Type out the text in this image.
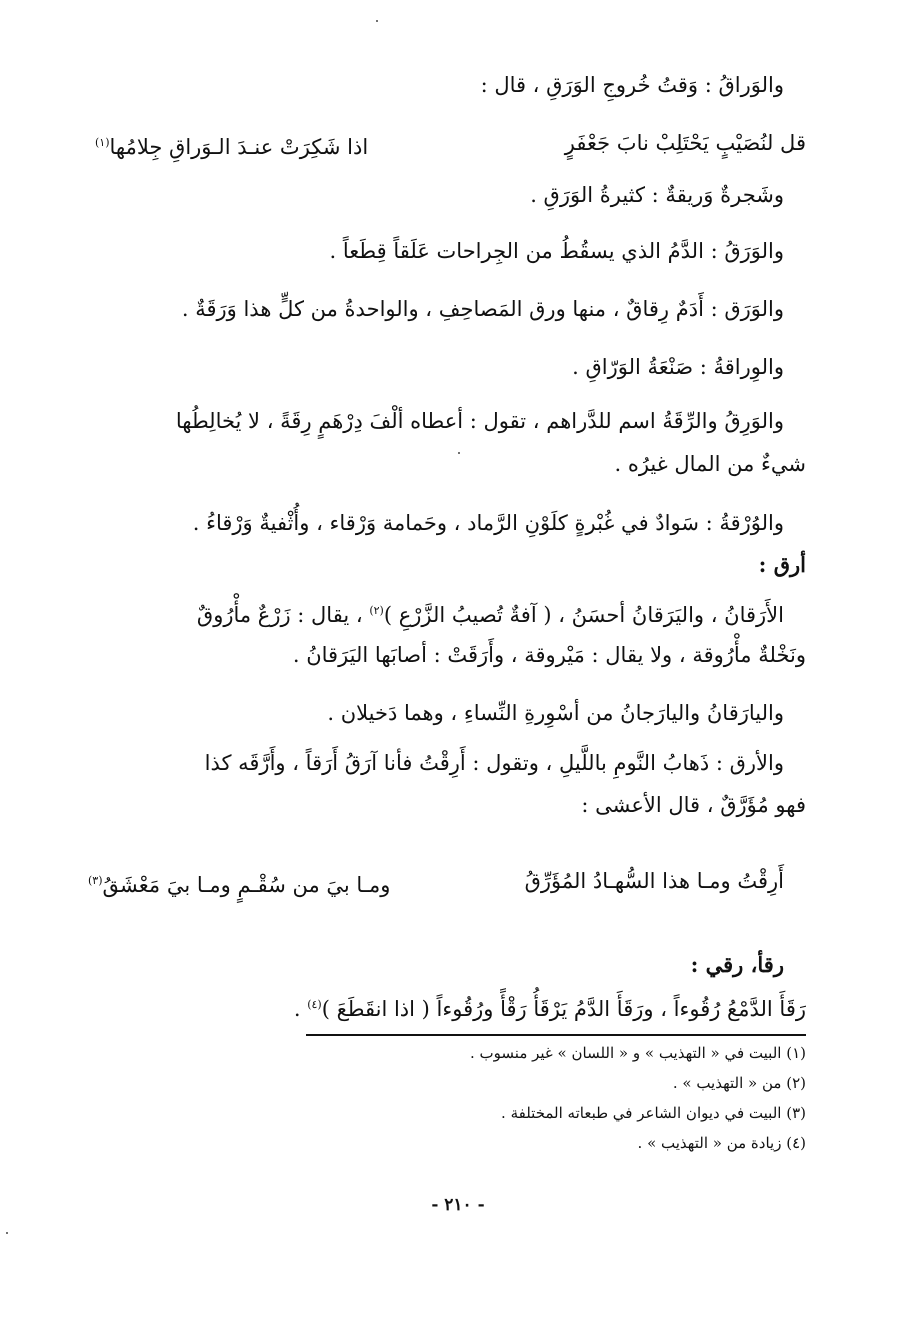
والوَراقُ : وَقتُ خُروجِ الوَرَقِ ، قال :
قل لنُصَيْبٍ يَحْتَلِبْ نابَ جَعْفَرٍ
اذا شَكِرَتْ عنـدَ الـوَراقِ جِلامُها$^{(١)}$
وشَجرةٌ وَريقةٌ : كثيرةُ الوَرَقِ .
والوَرَقُ : الدَّمُ الذي يسقُطُ من الجِراحات عَلَقاً قِطَعاً .
والوَرَق : أَدَمٌ رِقاقٌ ، منها ورق المَصاحِفِ ، والواحدةُ من كلٍّ هذا وَرَقَةٌ .
والوِراقةُ : صَنْعَةُ الوَرّاقِ .
والوَرِقُ والرِّقَةُ اسم للدَّراهم ، تقول : أعطاه ألْفَ دِرْهَمٍ رِقَةً ، لا يُخالِطُها
شيءٌ من المال غيرُه .
والوُرْقةُ : سَوادٌ في غُبْرةٍ كلَوْنِ الرَّماد ، وحَمامة وَرْقاء ، وأُثْفيةٌ وَرْقاءُ .
أرق :
الأَرَقانُ ، واليَرَقانُ أحسَنُ ، ( آفةٌ تُصيبُ الزَّرْعِ )$^{(٢)}$ ، يقال : زَرْعٌ مأْرُوقٌ
ونَخْلةٌ مأْرُوقة ، ولا يقال : مَيْروقة ، وأَرَقَتْ : أصابَها اليَرَقانُ .
واليارَقانُ واليارَجانُ من أسْوِرةِ النِّساءِ ، وهما دَخيلان .
والأرق : ذَهابُ النَّومِ باللَّيلِ ، وتقول : أَرِقْتُ فأنا آرَقُ أَرَقاً ، وأَرَّقَه كذا
فهو مُؤَرَّقٌ ، قال الأعشى :
أَرِقْتُ ومـا هذا السُّهـادُ المُؤَرِّقُ
ومـا بيَ من سُقْـمٍ ومـا بيَ مَعْشَقُ$^{(٣)}$
رقأ، رقي :
رَقَأَ الدَّمْعُ رُقُوءاً ، ورَقَأَ الدَّمُ يَرْقَأُ رَقْأً ورُقُوءاً ( اذا انقَطَعَ )$^{(٤)}$ .
(١) البيت في « التهذيب » و « اللسان » غير منسوب .
(٢) من « التهذيب » .
(٣) البيت في ديوان الشاعر في طبعاته المختلفة .
(٤) زيادة من « التهذيب » .
- ٢١٠ -
